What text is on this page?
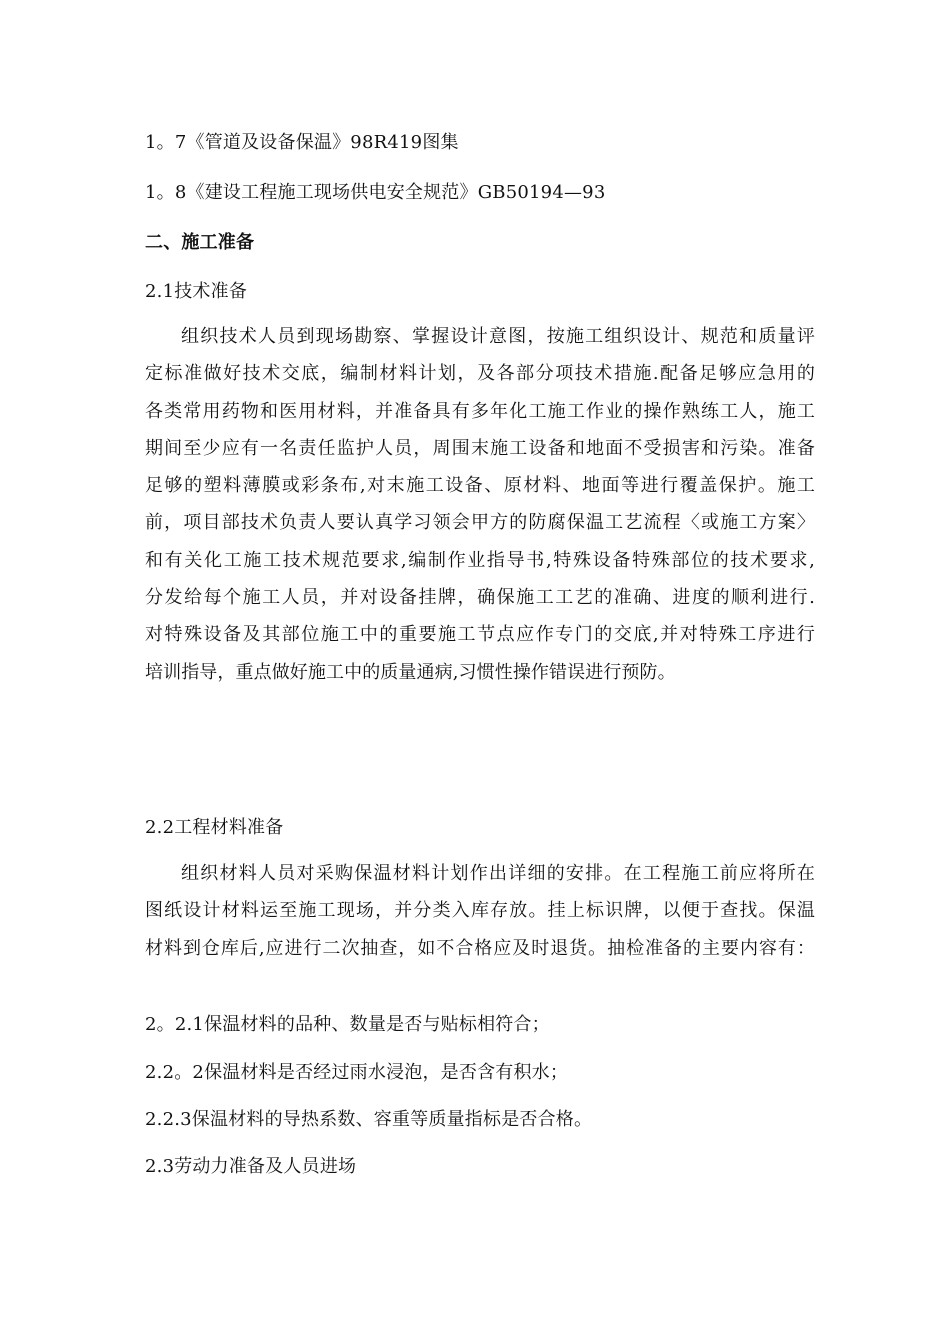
1。7《管道及设备保温》98R419图集
1。8《建设工程施工现场供电安全规范》GB50194—93
二、施工准备
2.1技术准备
组织技术人员到现场勘察、掌握设计意图，按施工组织设计、规范和质量评
定标准做好技术交底，编制材料计划，及各部分项技术措施.配备足够应急用的
各类常用药物和医用材料，并准备具有多年化工施工作业的操作熟练工人，施工
期间至少应有一名责任监护人员，周围末施工设备和地面不受损害和污染。准备
足够的塑料薄膜或彩条布,对末施工设备、原材料、地面等进行覆盖保护。施工
前，项目部技术负责人要认真学习领会甲方的防腐保温工艺流程〈或施工方案〉
和有关化工施工技术规范要求,编制作业指导书,特殊设备特殊部位的技术要求,
分发给每个施工人员，并对设备挂牌，确保施工工艺的准确、进度的顺利进行.
对特殊设备及其部位施工中的重要施工节点应作专门的交底,并对特殊工序进行
培训指导，重点做好施工中的质量通病,习惯性操作错误进行预防。
2.2工程材料准备
组织材料人员对采购保温材料计划作出详细的安排。在工程施工前应将所在
图纸设计材料运至施工现场，并分类入库存放。挂上标识牌，以便于查找。保温
材料到仓库后,应进行二次抽查，如不合格应及时退货。抽检准备的主要内容有：
2。2.1保温材料的品种、数量是否与贴标相符合；
2.2。2保温材料是否经过雨水浸泡，是否含有积水；
2.2.3保温材料的导热系数、容重等质量指标是否合格。
2.3劳动力准备及人员进场
